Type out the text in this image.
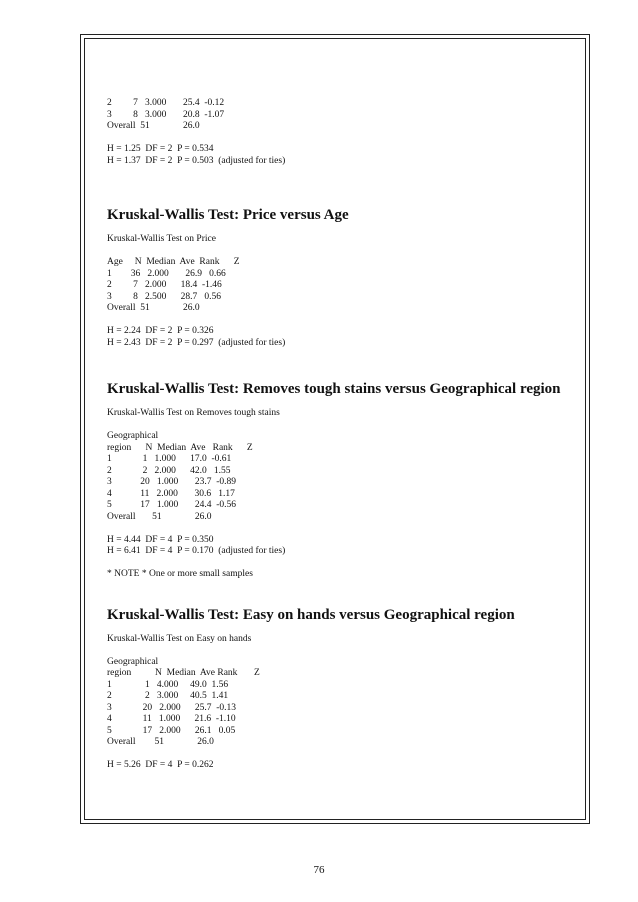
2         7   3.000       25.4  -0.12
3         8   3.000       20.8  -1.07
Overall  51              26.0
H = 1.25  DF = 2  P = 0.534
H = 1.37  DF = 2  P = 0.503  (adjusted for ties)
Kruskal-Wallis Test: Price versus Age
Kruskal-Wallis Test on Price
Age     N  Median  Ave  Rank      Z
1        36   2.000       26.9   0.66
2         7   2.000      18.4  -1.46
3         8   2.500      28.7   0.56
Overall  51              26.0
H = 2.24  DF = 2  P = 0.326
H = 2.43  DF = 2  P = 0.297  (adjusted for ties)
Kruskal-Wallis Test: Removes tough stains versus Geographical region
Kruskal-Wallis Test on Removes tough stains
Geographical
region      N  Median  Ave   Rank      Z
1             1   1.000      17.0  -0.61
2             2   2.000      42.0   1.55
3            20   1.000       23.7  -0.89
4            11   2.000       30.6   1.17
5            17   1.000       24.4  -0.56
Overall       51              26.0
H = 4.44  DF = 4  P = 0.350
H = 6.41  DF = 4  P = 0.170  (adjusted for ties)
* NOTE * One or more small samples
Kruskal-Wallis Test: Easy on hands versus Geographical region
Kruskal-Wallis Test on Easy on hands
Geographical
region          N  Median  Ave Rank       Z
1              1   4.000     49.0  1.56
2              2   3.000     40.5  1.41
3             20   2.000      25.7  -0.13
4             11   1.000      21.6  -1.10
5             17   2.000      26.1   0.05
Overall        51              26.0
H = 5.26  DF = 4  P = 0.262
76
